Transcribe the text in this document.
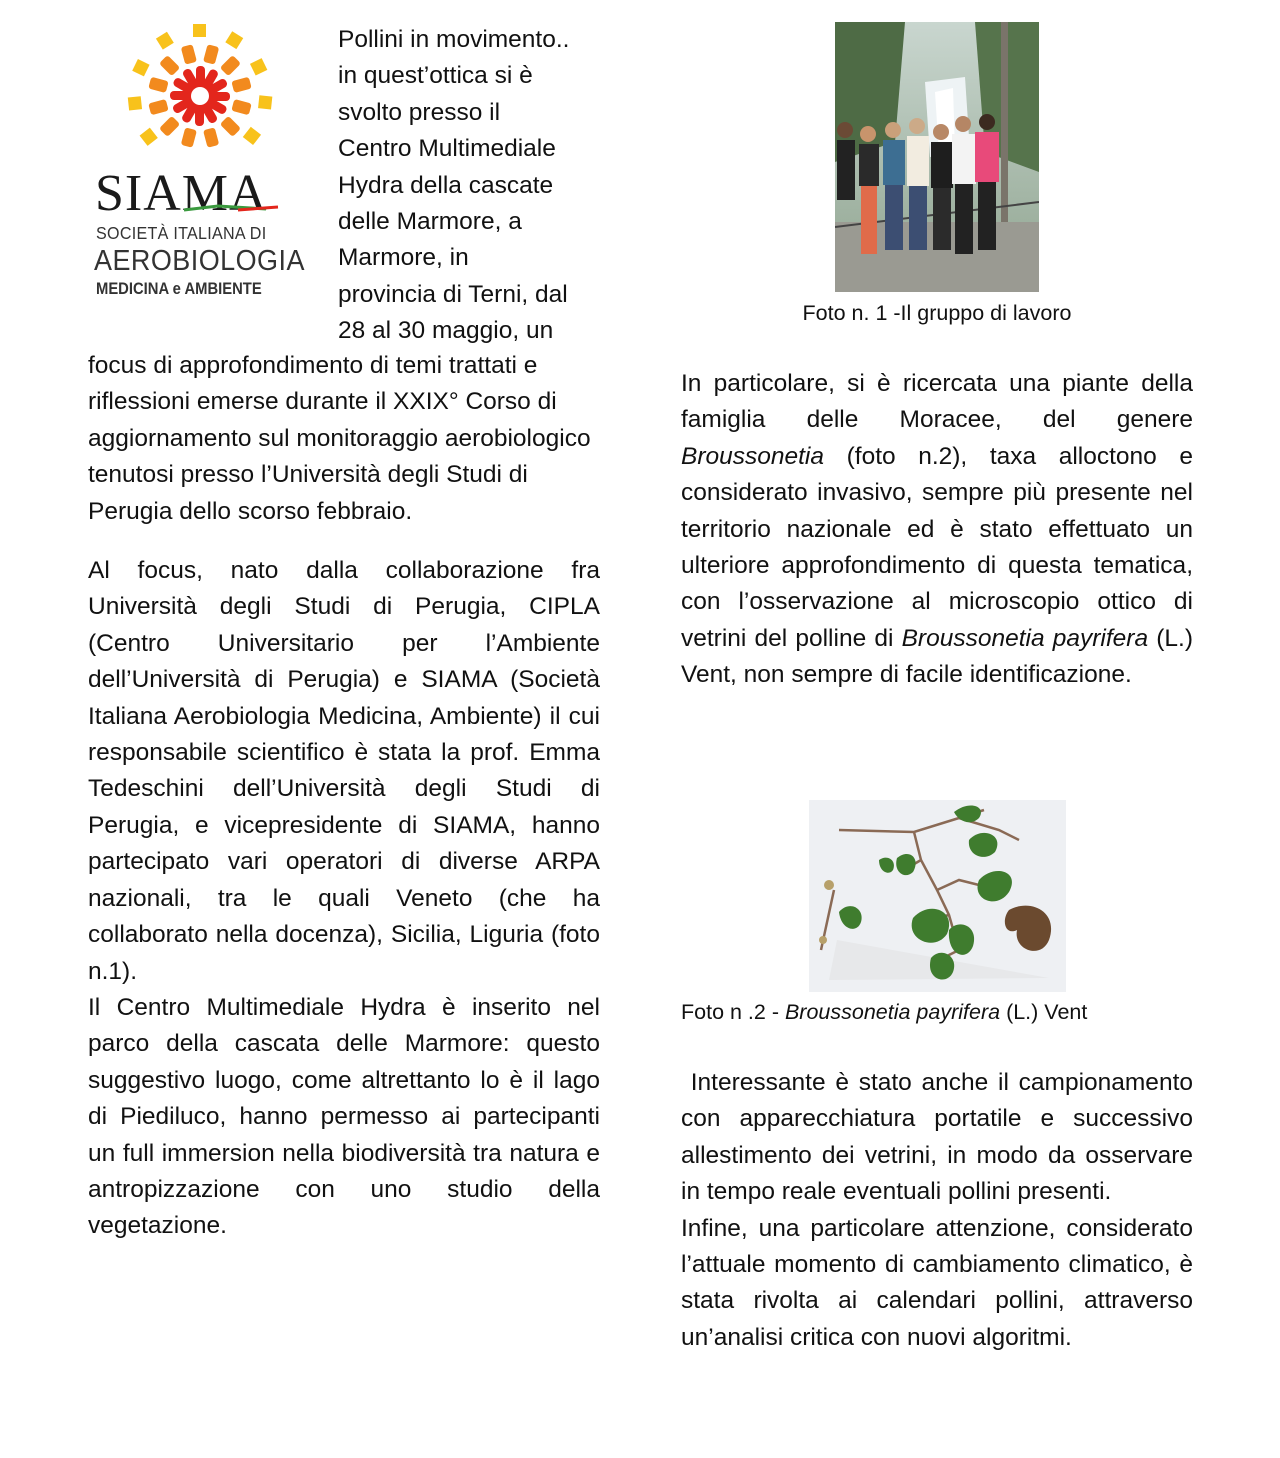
SIAMA
SOCIETÀ ITALIANA DI
AEROBIOLOGIA
MEDICINA e AMBIENTE

Pollini in movimento..

in quest’ottica si è

svolto presso il

Centro Multimediale

Hydra della cascate

delle Marmore, a

Marmore, in

provincia di Terni, dal

28 al 30 maggio, un

focus di approfondimento di temi trattati e riflessioni emerse durante il XXIX° Corso di aggiornamento sul monitoraggio aerobiologico tenutosi presso l’Università degli Studi di Perugia dello scorso febbraio.

Al focus, nato dalla collaborazione fra Università degli Studi di Perugia, CIPLA (Centro Universitario per l’Ambiente dell’Università di Perugia) e SIAMA (Società Italiana Aerobiologia Medicina, Ambiente) il cui responsabile scientifico è stata la prof. Emma Tedeschini dell’Università degli Studi di Perugia, e vicepresidente di SIAMA, hanno partecipato vari operatori di diverse ARPA nazionali, tra le quali Veneto (che ha collaborato nella docenza), Sicilia, Liguria (foto n.1).

Il Centro Multimediale Hydra è inserito nel parco della cascata delle Marmore: questo suggestivo luogo, come altrettanto lo è il lago di Piediluco, hanno permesso ai partecipanti un full immersion nella biodiversità tra natura e antropizzazione con uno studio della vegetazione.

Foto n. 1 -Il gruppo di lavoro

In particolare, si è ricercata una piante della famiglia delle Moracee, del genere Broussonetia (foto n.2), taxa alloctono e considerato invasivo, sempre più presente nel territorio nazionale ed è stato effettuato un ulteriore approfondimento di questa tematica, con l’osservazione al microscopio ottico di vetrini del polline di Broussonetia payrifera (L.) Vent, non sempre di facile identificazione.

Foto n .2 - Broussonetia payrifera (L.) Vent

Interessante è stato anche il campionamento con apparecchiatura portatile e successivo allestimento dei vetrini, in modo da osservare in tempo reale eventuali pollini presenti.

Infine, una particolare attenzione, considerato l’attuale momento di cambiamento climatico, è stata rivolta ai calendari pollini, attraverso un’analisi critica con nuovi algoritmi.
